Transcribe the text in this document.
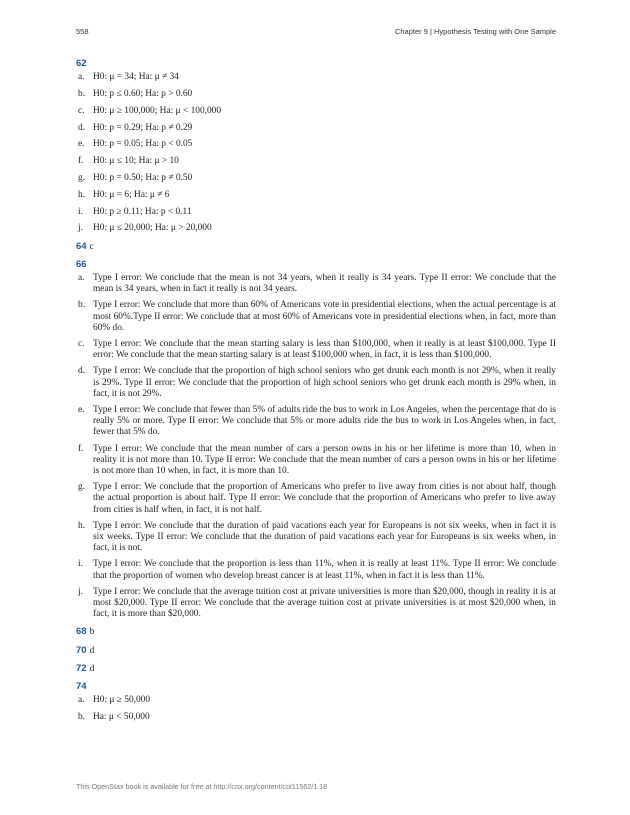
558	Chapter 9 | Hypothesis Testing with One Sample
62
a. H0: μ = 34; Ha: μ ≠ 34
b. H0: p ≤ 0.60; Ha: p > 0.60
c. H0: μ ≥ 100,000; Ha: μ < 100,000
d. H0: p = 0.29; Ha: p ≠ 0.29
e. H0: p = 0.05; Ha: p < 0.05
f. H0: μ ≤ 10; Ha: μ > 10
g. H0: p = 0.50; Ha: p ≠ 0.50
h. H0: μ = 6; Ha: μ ≠ 6
i. H0: p ≥ 0.11; Ha: p < 0.11
j. H0: μ ≤ 20,000; Ha: μ > 20,000
64 c
66
a. Type I error: We conclude that the mean is not 34 years, when it really is 34 years. Type II error: We conclude that the mean is 34 years, when in fact it really is not 34 years.
b. Type I error: We conclude that more than 60% of Americans vote in presidential elections, when the actual percentage is at most 60%.Type II error: We conclude that at most 60% of Americans vote in presidential elections when, in fact, more than 60% do.
c. Type I error: We conclude that the mean starting salary is less than $100,000, when it really is at least $100,000. Type II error: We conclude that the mean starting salary is at least $100,000 when, in fact, it is less than $100,000.
d. Type I error: We conclude that the proportion of high school seniors who get drunk each month is not 29%, when it really is 29%. Type II error: We conclude that the proportion of high school seniors who get drunk each month is 29% when, in fact, it is not 29%.
e. Type I error: We conclude that fewer than 5% of adults ride the bus to work in Los Angeles, when the percentage that do is really 5% or more. Type II error: We conclude that 5% or more adults ride the bus to work in Los Angeles when, in fact, fewer that 5% do.
f. Type I error: We conclude that the mean number of cars a person owns in his or her lifetime is more than 10, when in reality it is not more than 10. Type II error: We conclude that the mean number of cars a person owns in his or her lifetime is not more than 10 when, in fact, it is more than 10.
g. Type I error: We conclude that the proportion of Americans who prefer to live away from cities is not about half, though the actual proportion is about half. Type II error: We conclude that the proportion of Americans who prefer to live away from cities is half when, in fact, it is not half.
h. Type I error: We conclude that the duration of paid vacations each year for Europeans is not six weeks, when in fact it is six weeks. Type II error: We conclude that the duration of paid vacations each year for Europeans is six weeks when, in fact, it is not.
i. Type I error: We conclude that the proportion is less than 11%, when it is really at least 11%. Type II error: We conclude that the proportion of women who develop breast cancer is at least 11%, when in fact it is less than 11%.
j. Type I error: We conclude that the average tuition cost at private universities is more than $20,000, though in reality it is at most $20,000. Type II error: We conclude that the average tuition cost at private universities is at most $20,000 when, in fact, it is more than $20,000.
68 b
70 d
72 d
74
a. H0: μ ≥ 50,000
b. Ha: μ < 50,000
This OpenStax book is available for free at http://cnx.org/content/col11562/1.18
